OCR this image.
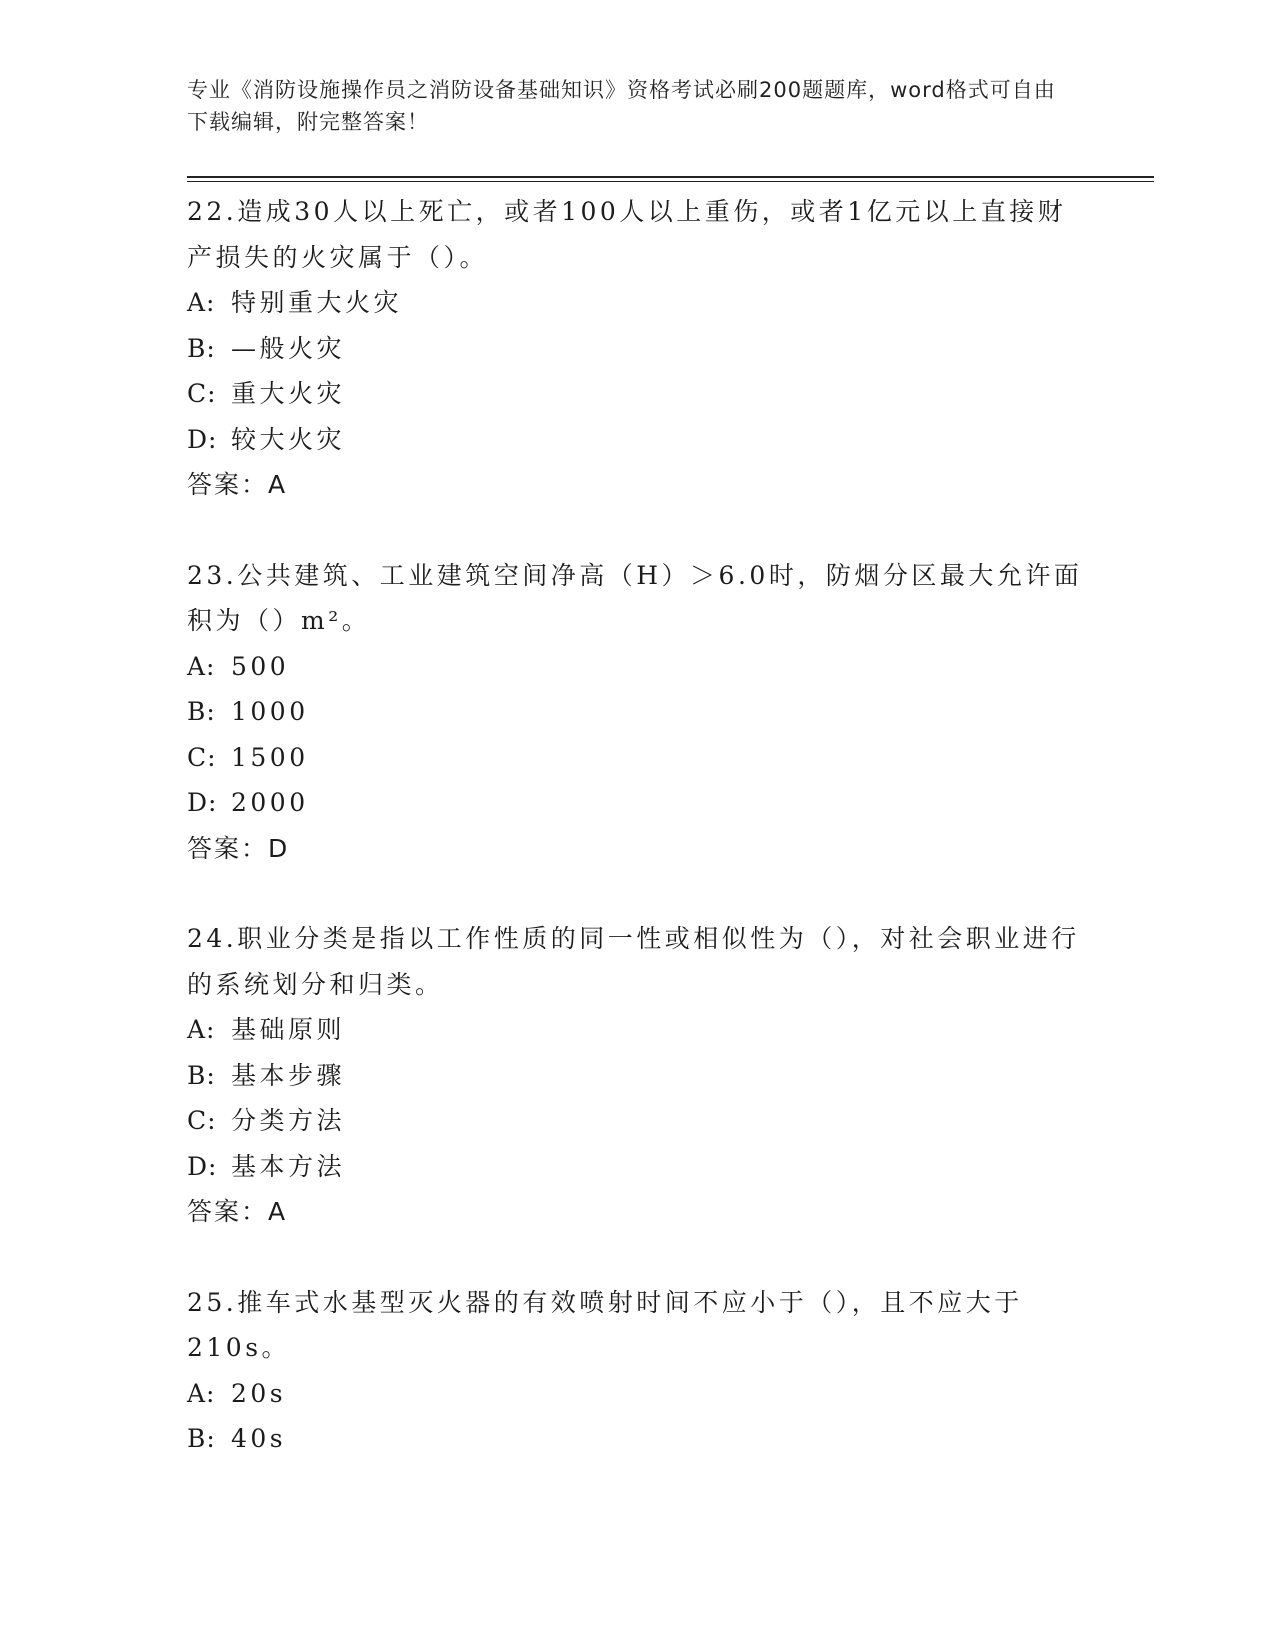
专业《消防设施操作员之消防设备基础知识》资格考试必刷200题题库，word格式可自由下载编辑，附完整答案！

22.造成30人以上死亡，或者100人以上重伤，或者1亿元以上直接财产损失的火灾属于（）。

A: 特别重大火灾

B: —般火灾

C: 重大火灾

D: 较大火灾

答案：A

23.公共建筑、工业建筑空间净高（H）＞6.0时，防烟分区最大允许面积为（）m²。

A: 500

B: 1000

C: 1500

D: 2000

答案：D

24.职业分类是指以工作性质的同一性或相似性为（），对社会职业进行的系统划分和归类。

A: 基础原则

B: 基本步骤

C: 分类方法

D: 基本方法

答案：A

25.推车式水基型灭火器的有效喷射时间不应小于（），且不应大于210s。

A: 20s

B: 40s
